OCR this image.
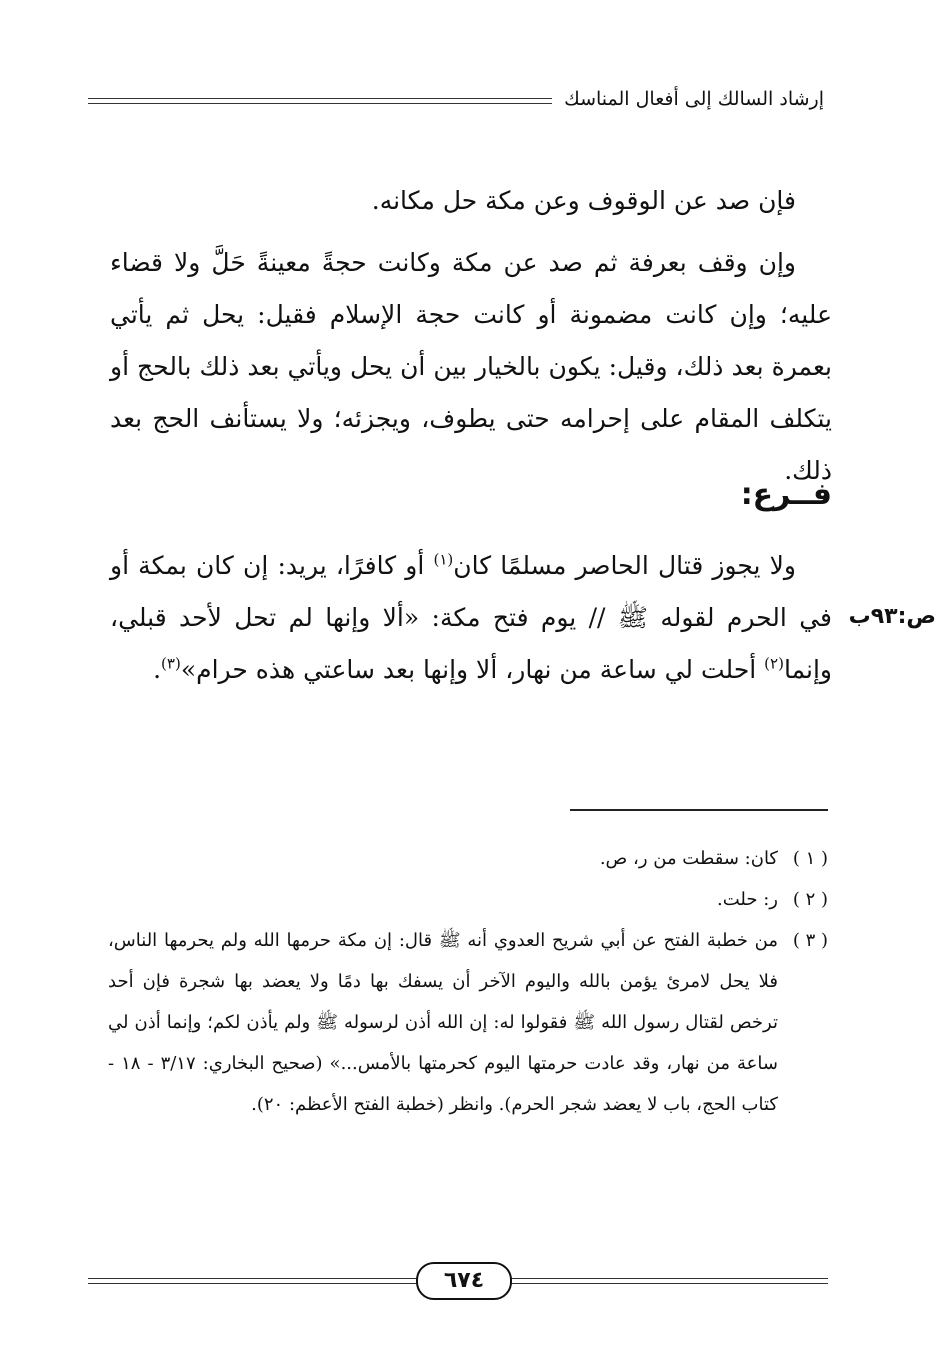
إرشاد السالك إلى أفعال المناسك

فإن صد عن الوقوف وعن مكة حل مكانه.

وإن وقف بعرفة ثم صد عن مكة وكانت حجةً معينةً حَلَّ ولا قضاء عليه؛ وإن كانت مضمونة أو كانت حجة الإسلام فقيل: يحل ثم يأتي بعمرة بعد ذلك، وقيل: يكون بالخيار بين أن يحل ويأتي بعد ذلك بالحج أو يتكلف المقام على إحرامه حتى يطوف، ويجزئه؛ ولا يستأنف الحج بعد ذلك.

فــرع:

ولا يجوز قتال الحاصر مسلمًا كان$^{(١)}$ أو كافرًا، يريد: إن كان بمكة أو في الحرم لقوله ﷺ // يوم فتح مكة: «ألا وإنها لم تحل لأحد قبلي، وإنما$^{(٢)}$ أحلت لي ساعة من نهار، ألا وإنها بعد ساعتي هذه حرام»$^{(٣)}$.

ص:٩٣ب
( ١ )
كان: سقطت من ر، ص.
( ٢ )
ر: حلت.
( ٣ )
من خطبة الفتح عن أبي شريح العدوي أنه ﷺ قال: إن مكة حرمها الله ولم يحرمها الناس، فلا يحل لامرئ يؤمن بالله واليوم الآخر أن يسفك بها دمًا ولا يعضد بها شجرة فإن أحد ترخص لقتال رسول الله ﷺ فقولوا له: إن الله أذن لرسوله ﷺ ولم يأذن لكم؛ وإنما أذن لي ساعة من نهار، وقد عادت حرمتها اليوم كحرمتها بالأمس...» (صحيح البخاري: ٣/١٧ - ١٨ - كتاب الحج، باب لا يعضد شجر الحرم). وانظر (خطبة الفتح الأعظم: ٢٠).
٦٧٤
